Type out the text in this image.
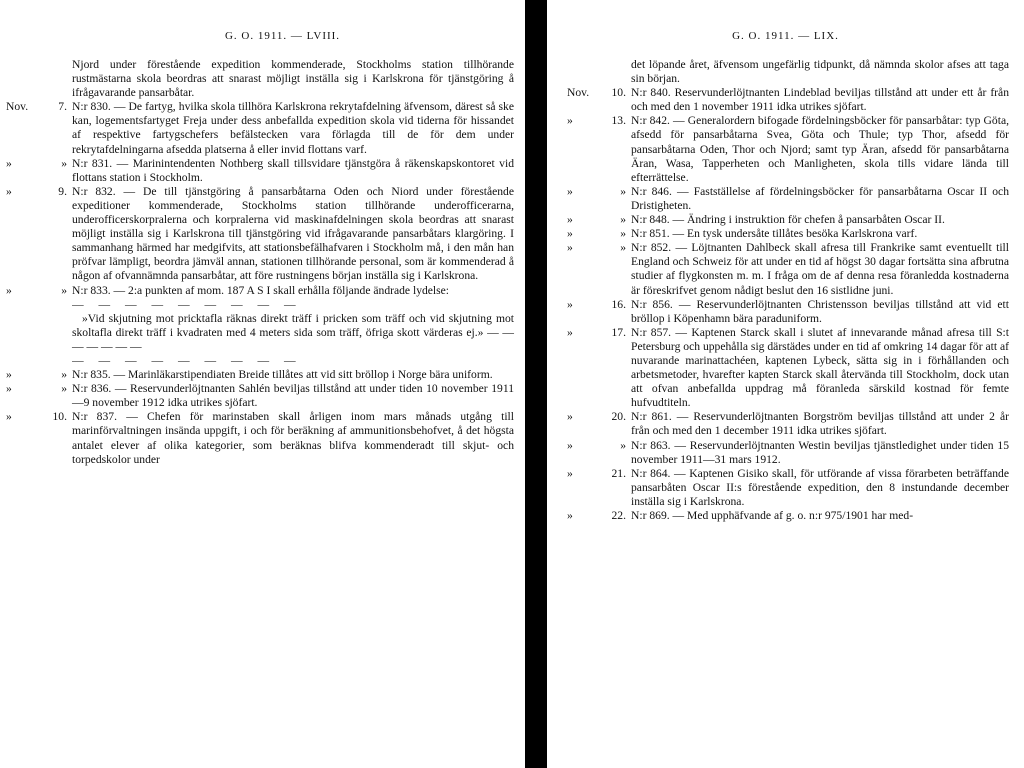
G. O. 1911. — LVIII.
Njord under förestående expedition kommenderade, Stockholms station tillhörande rustmästarna skola beordras att snarast möjligt inställa sig i Karlskrona för tjänstgöring å ifrågavarande pansarbåtar.
Nov.	7. N:r 830. — De fartyg, hvilka skola tillhöra Karlskrona rekrytafdelning äfvensom, därest så ske kan, logementsfartyget Freja under dess anbefallda expedition skola vid tiderna för hissandet af respektive fartygschefers befälstecken vara förlagda till de för dem under rekrytafdelningarna afsedda platserna å eller invid flottans varf.
»	» N:r 831. — Marinintendenten Nothberg skall tillsvidare tjänstgöra å räkenskapskontoret vid flottans station i Stockholm.
»	9. N:r 832. — De till tjänstgöring å pansarbåtarna Oden och Niord under förestående expeditioner kommenderade, Stockholms station tillhörande underofficerarna, underofficerskorpralerna och korpralerna vid maskinafdelningen skola beordras att snarast möjligt inställa sig i Karlskrona till tjänstgöring vid ifrågavarande pansarbåtars klargöring. I sammanhang härmed har medgifvits, att stationsbefälhafvaren i Stockholm må, i den mån han pröfvar lämpligt, beordra jämväl annan, stationen tillhörande personal, som är kommenderad å någon af ofvannämnda pansarbåtar, att före rustningens början inställa sig i Karlskrona.
»	» N:r 833. — 2:a punkten af mom. 187 A S I skall erhålla följande ändrade lydelse:
— — — — — — — — —
»Vid skjutning mot pricktafla räknas direkt träff i pricken som träff och vid skjutning mot skoltafla direkt träff i kvadraten med 4 meters sida som träff, öfriga skott värderas ej.» — — — — — — —
— — — — — — — — —
»	» N:r 835. — Marinläkarstipendiaten Breide tillåtes att vid sitt bröllop i Norge bära uniform.
»	» N:r 836. — Reservunderlöjtnanten Sahlén beviljas tillstånd att under tiden 10 november 1911—9 november 1912 idka utrikes sjöfart.
»	10. N:r 837. — Chefen för marinstaben skall årligen inom mars månads utgång till marinförvaltningen insända uppgift, i och för beräkning af ammunitionsbehofvet, å det högsta antalet elever af olika kategorier, som beräknas blifva kommenderadt till skjut- och torpedskolor under
G. O. 1911. — LIX.
det löpande året, äfvensom ungefärlig tidpunkt, då nämnda skolor afses att taga sin början.
Nov.	10. N:r 840. Reservunderlöjtnanten Lindeblad beviljas tillstånd att under ett år från och med den 1 november 1911 idka utrikes sjöfart.
»	13. N:r 842. — Generalordern bifogade fördelningsböcker för pansarbåtar: typ Göta, afsedd för pansarbåtarna Svea, Göta och Thule; typ Thor, afsedd för pansarbåtarna Oden, Thor och Njord; samt typ Äran, afsedd för pansarbåtarna Äran, Wasa, Tapperheten och Manligheten, skola tills vidare lända till efterrättelse.
»	» N:r 846. — Fastställelse af fördelningsböcker för pansarbåtarna Oscar II och Dristigheten.
»	» N:r 848. — Ändring i instruktion för chefen å pansarbåten Oscar II.
»	» N:r 851. — En tysk undersåte tillåtes besöka Karlskrona varf.
»	» N:r 852. — Löjtnanten Dahlbeck skall afresa till Frankrike samt eventuellt till England och Schweiz för att under en tid af högst 30 dagar fortsätta sina afbrutna studier af flygkonsten m. m. I fråga om de af denna resa föranledda kostnaderna är föreskrifvet genom nådigt beslut den 16 sistlidne juni.
»	16. N:r 856. — Reservunderlöjtnanten Christensson beviljas tillstånd att vid ett bröllop i Köpenhamn bära paraduniform.
»	17. N:r 857. — Kaptenen Starck skall i slutet af innevarande månad afresa till S:t Petersburg och uppehålla sig därstädes under en tid af omkring 14 dagar för att af nuvarande marinattachéen, kaptenen Lybeck, sätta sig in i förhållanden och arbetsmetoder, hvarefter kapten Starck skall återvända till Stockholm, dock utan att ofvan anbefallda uppdrag må föranleda särskild kostnad för femte hufvudtiteln.
»	20. N:r 861. — Reservunderlöjtnanten Borgström beviljas tillstånd att under 2 år från och med den 1 december 1911 idka utrikes sjöfart.
»	» N:r 863. — Reservunderlöjtnanten Westin beviljas tjänstledighet under tiden 15 november 1911—31 mars 1912.
»	21. N:r 864. — Kaptenen Gisiko skall, för utförande af vissa förarbeten beträffande pansarbåten Oscar II:s förestående expedition, den 8 instundande december inställa sig i Karlskrona.
»	22. N:r 869. — Med upphäfvande af g. o. n:r 975/1901 har med-
